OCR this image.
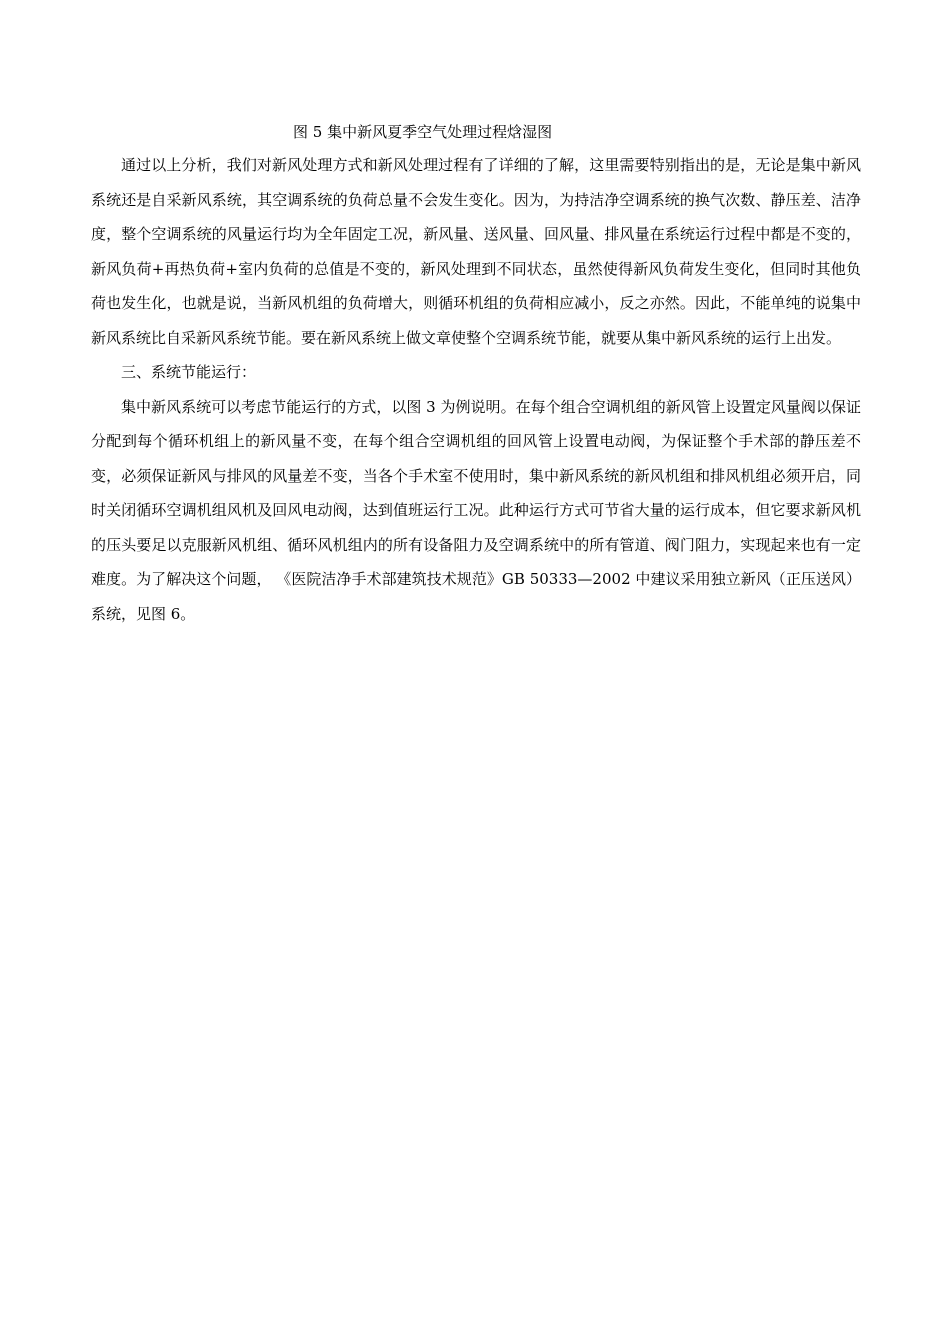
图 5 集中新风夏季空气处理过程焓湿图

通过以上分析，我们对新风处理方式和新风处理过程有了详细的了解，这里需要特别指出的是，无论是集中新风系统还是自采新风系统，其空调系统的负荷总量不会发生变化。因为，为持洁净空调系统的换气次数、静压差、洁净度，整个空调系统的风量运行均为全年固定工况，新风量、送风量、回风量、排风量在系统运行过程中都是不变的，新风负荷+再热负荷+室内负荷的总值是不变的，新风处理到不同状态，虽然使得新风负荷发生变化，但同时其他负荷也发生化，也就是说，当新风机组的负荷增大，则循环机组的负荷相应减小，反之亦然。因此，不能单纯的说集中新风系统比自采新风系统节能。要在新风系统上做文章使整个空调系统节能，就要从集中新风系统的运行上出发。

三、系统节能运行：

集中新风系统可以考虑节能运行的方式，以图 3 为例说明。在每个组合空调机组的新风管上设置定风量阀以保证分配到每个循环机组上的新风量不变，在每个组合空调机组的回风管上设置电动阀，为保证整个手术部的静压差不变，必须保证新风与排风的风量差不变，当各个手术室不使用时，集中新风系统的新风机组和排风机组必须开启，同时关闭循环空调机组风机及回风电动阀，达到值班运行工况。此种运行方式可节省大量的运行成本，但它要求新风机的压头要足以克服新风机组、循环风机组内的所有设备阻力及空调系统中的所有管道、阀门阻力，实现起来也有一定难度。为了解决这个问题， 《医院洁净手术部建筑技术规范》GB 50333—2002 中建议采用独立新风（正压送风）系统，见图 6。
